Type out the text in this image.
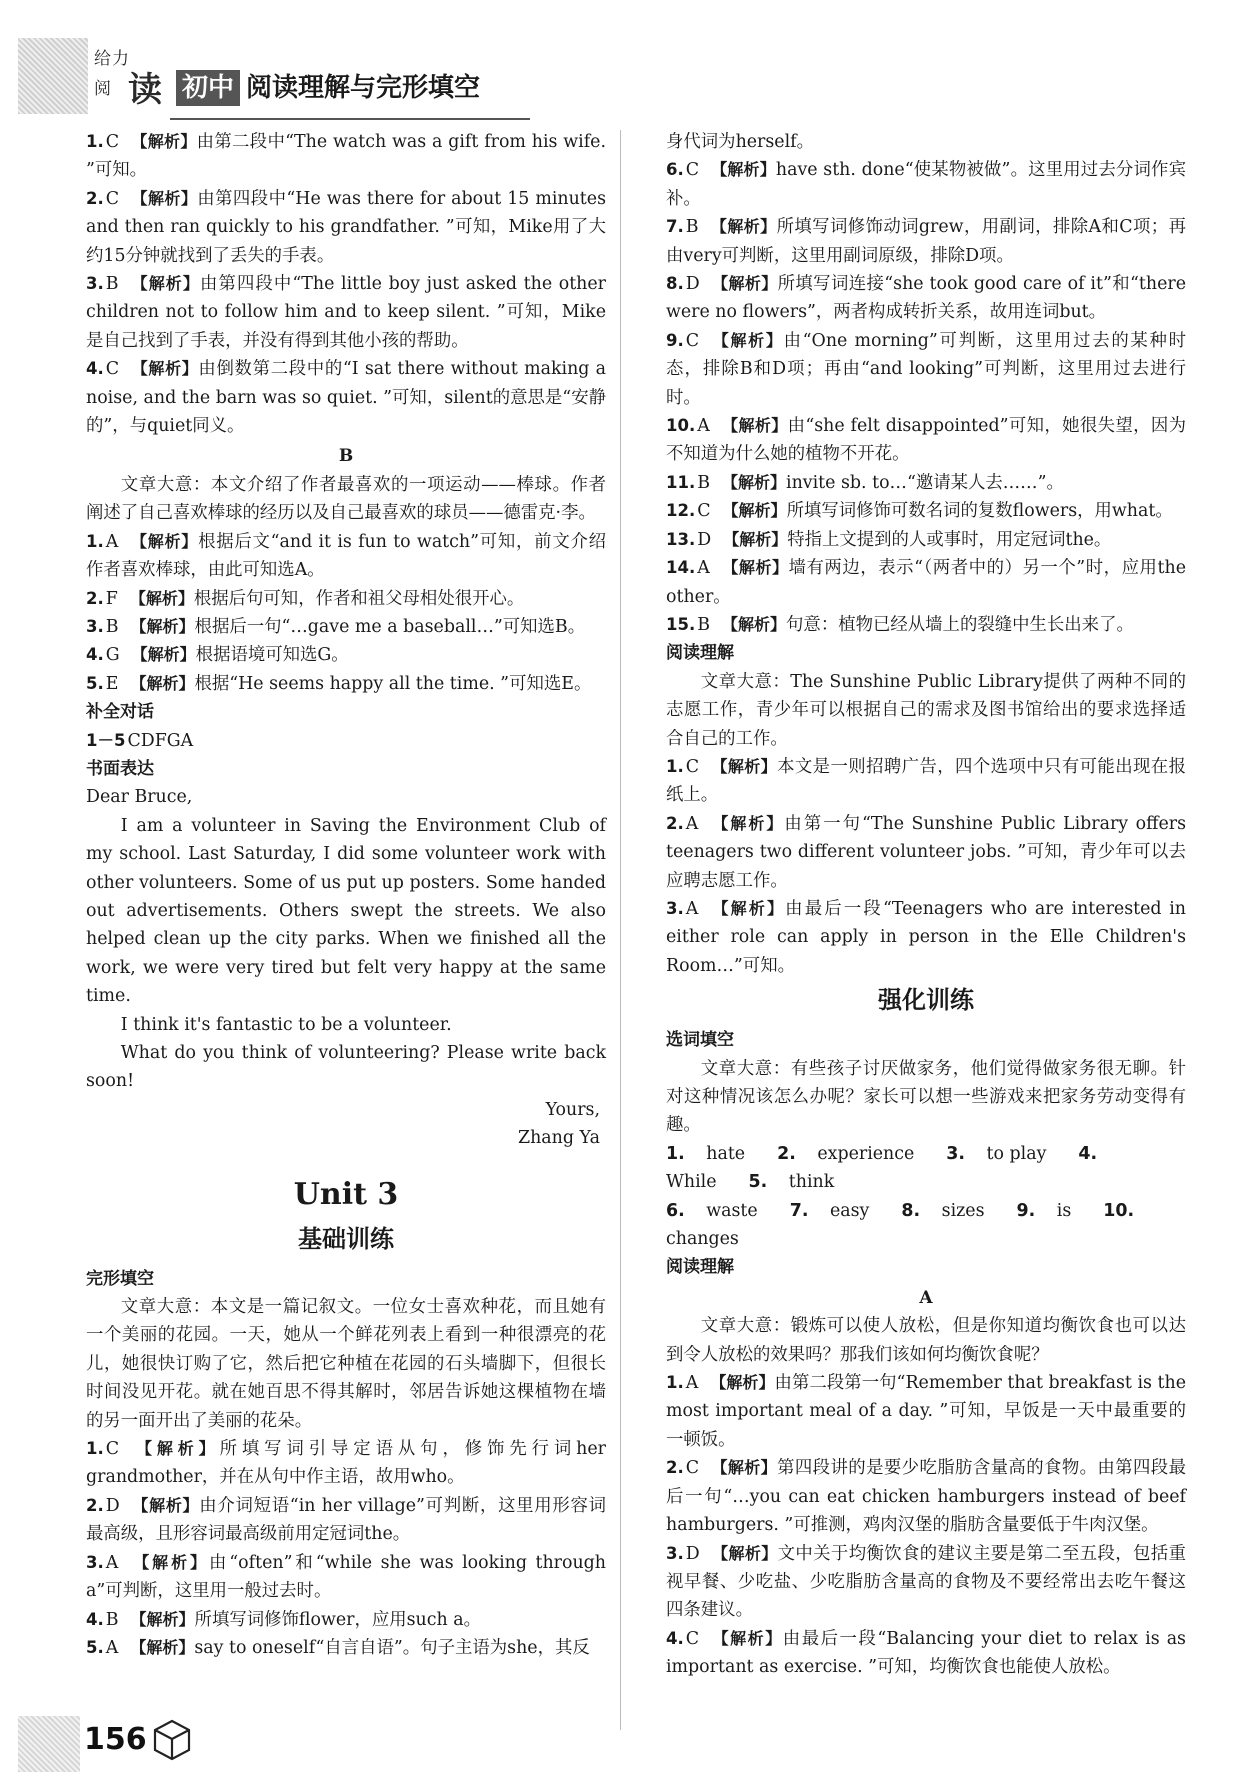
给力
阅 读 初中 阅读理解与完形填空

1. C 【解析】由第二段中“The watch was a gift from his wife. ”可知。

2. C 【解析】由第四段中“He was there for about 15 minutes and then ran quickly to his grandfather. ”可知，Mike用了大约15分钟就找到了丢失的手表。

3. B 【解析】由第四段中“The little boy just asked the other children not to follow him and to keep silent. ”可知，Mike是自己找到了手表，并没有得到其他小孩的帮助。

4. C 【解析】由倒数第二段中的“I sat there without making a noise, and the barn was so quiet. ”可知，silent的意思是“安静的”，与quiet同义。

B

文章大意：本文介绍了作者最喜欢的一项运动——棒球。作者阐述了自己喜欢棒球的经历以及自己最喜欢的球员——德雷克·李。

1. A 【解析】根据后文“and it is fun to watch”可知，前文介绍作者喜欢棒球，由此可知选A。

2. F 【解析】根据后句可知，作者和祖父母相处很开心。

3. B 【解析】根据后一句“…gave me a baseball…”可知选B。

4. G 【解析】根据语境可知选G。

5. E 【解析】根据“He seems happy all the time. ”可知选E。

补全对话

1－5 CDFGA

书面表达

Dear Bruce,

I am a volunteer in Saving the Environment Club of my school. Last Saturday, I did some volunteer work with other volunteers. Some of us put up posters. Some handed out advertisements. Others swept the streets. We also helped clean up the city parks. When we finished all the work, we were very tired but felt very happy at the same time.

I think it's fantastic to be a volunteer.

What do you think of volunteering? Please write back soon!

Yours,

Zhang Ya

Unit 3

基础训练

完形填空

文章大意：本文是一篇记叙文。一位女士喜欢种花，而且她有一个美丽的花园。一天，她从一个鲜花列表上看到一种很漂亮的花儿，她很快订购了它，然后把它种植在花园的石头墙脚下，但很长时间没见开花。就在她百思不得其解时，邻居告诉她这棵植物在墙的另一面开出了美丽的花朵。

1. C 【解析】所填写词引导定语从句，修饰先行词her grandmother，并在从句中作主语，故用who。

2. D 【解析】由介词短语“in her village”可判断，这里用形容词最高级，且形容词最高级前用定冠词the。

3. A 【解析】由“often”和“while she was looking through a”可判断，这里用一般过去时。

4. B 【解析】所填写词修饰flower，应用such a。

5. A 【解析】say to oneself“自言自语”。句子主语为she，其反

身代词为herself。

6. C 【解析】have sth. done“使某物被做”。这里用过去分词作宾补。

7. B 【解析】所填写词修饰动词grew，用副词，排除A和C项；再由very可判断，这里用副词原级，排除D项。

8. D 【解析】所填写词连接“she took good care of it”和“there were no flowers”，两者构成转折关系，故用连词but。

9. C 【解析】由“One morning”可判断，这里用过去的某种时态，排除B和D项；再由“and looking”可判断，这里用过去进行时。

10. A 【解析】由“she felt disappointed”可知，她很失望，因为不知道为什么她的植物不开花。

11. B 【解析】invite sb. to…“邀请某人去……”。

12. C 【解析】所填写词修饰可数名词的复数flowers，用what。

13. D 【解析】特指上文提到的人或事时，用定冠词the。

14. A 【解析】墙有两边，表示“（两者中的）另一个”时，应用the other。

15. B 【解析】句意：植物已经从墙上的裂缝中生长出来了。

阅读理解

文章大意：The Sunshine Public Library提供了两种不同的志愿工作，青少年可以根据自己的需求及图书馆给出的要求选择适合自己的工作。

1. C 【解析】本文是一则招聘广告，四个选项中只有可能出现在报纸上。

2. A 【解析】由第一句“The Sunshine Public Library offers teenagers two different volunteer jobs. ”可知，青少年可以去应聘志愿工作。

3. A 【解析】由最后一段“Teenagers who are interested in either role can apply in person in the Elle Children's Room…”可知。

强化训练

选词填空

文章大意：有些孩子讨厌做家务，他们觉得做家务很无聊。针对这种情况该怎么办呢？家长可以想一些游戏来把家务劳动变得有趣。

1. hate 2. experience 3. to play 4. While 5. think

6. waste 7. easy 8. sizes 9. is 10. changes

阅读理解

A

文章大意：锻炼可以使人放松，但是你知道均衡饮食也可以达到令人放松的效果吗？那我们该如何均衡饮食呢？

1. A 【解析】由第二段第一句“Remember that breakfast is the most important meal of a day. ”可知，早饭是一天中最重要的一顿饭。

2. C 【解析】第四段讲的是要少吃脂肪含量高的食物。由第四段最后一句“…you can eat chicken hamburgers instead of beef hamburgers. ”可推测，鸡肉汉堡的脂肪含量要低于牛肉汉堡。

3. D 【解析】文中关于均衡饮食的建议主要是第二至五段，包括重视早餐、少吃盐、少吃脂肪含量高的食物及不要经常出去吃午餐这四条建议。

4. C 【解析】由最后一段“Balancing your diet to relax is as important as exercise. ”可知，均衡饮食也能使人放松。

156
